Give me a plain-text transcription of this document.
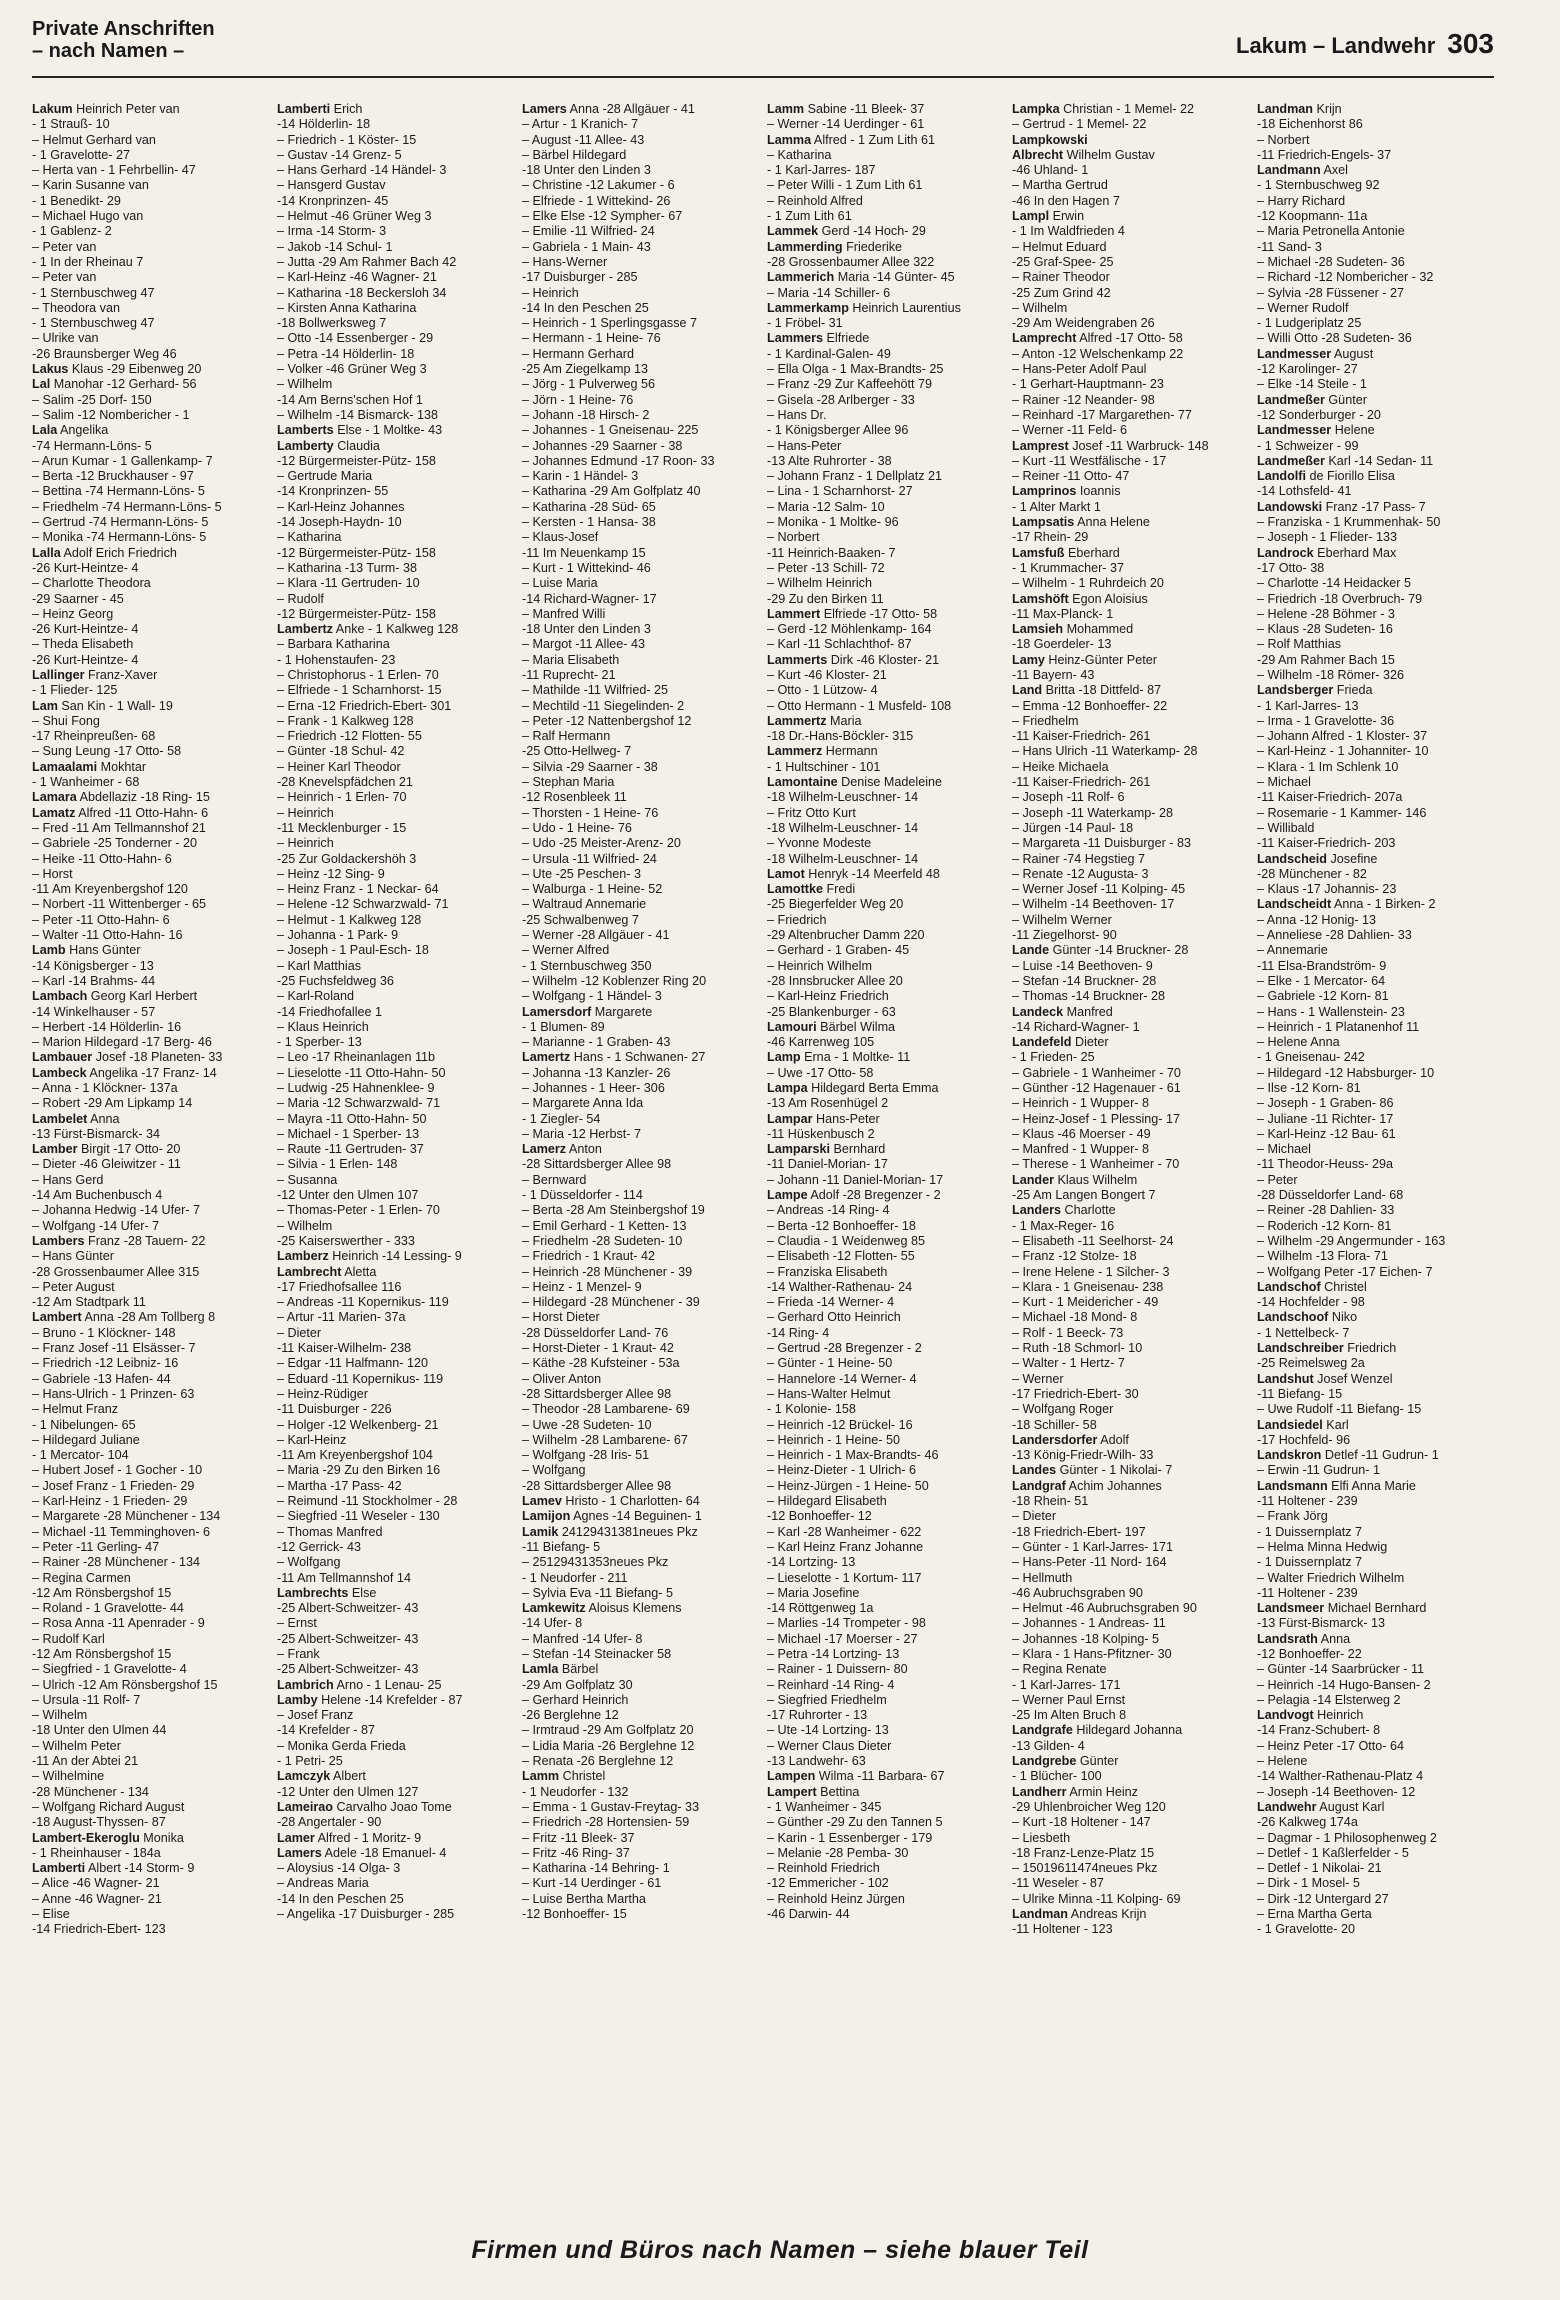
Private Anschriften
– nach Namen –	Lakum – Landwehr 303
Lakum Heinrich Peter van
- 1 Strauß- 10
– Helmut Gerhard van
- 1 Gravelotte- 27
– Herta van - 1 Fehrbellin- 47
– Karin Susanne van
- 1 Benedikt- 29
– Michael Hugo van
- 1 Gablenz- 2
– Peter van
- 1 In der Rheinau 7
– Peter van
- 1 Sternbuschweg 47
– Theodora van
- 1 Sternbuschweg 47
– Ulrike van
-26 Braunsberger Weg 46
Lakus Klaus -29 Eibenweg 20
Lal Manohar -12 Gerhard- 56
– Salim -25 Dorf- 150
– Salim -12 Nombericher - 1
Lala Angelika
-74 Hermann-Löns- 5
– Arun Kumar - 1 Gallenkamp- 7
– Berta -12 Bruckhauser - 97
– Bettina -74 Hermann-Löns- 5
– Friedhelm -74 Hermann-Löns- 5
– Gertrud -74 Hermann-Löns- 5
– Monika -74 Hermann-Löns- 5
Lalla Adolf Erich Friedrich
-26 Kurt-Heintze- 4
– Charlotte Theodora
-29 Saarner - 45
– Heinz Georg
-26 Kurt-Heintze- 4
– Theda Elisabeth
-26 Kurt-Heintze- 4
Lallinger Franz-Xaver
- 1 Flieder- 125
Lam San Kin - 1 Wall- 19
– Shui Fong
-17 Rheinpreußen- 68
– Sung Leung -17 Otto- 58
Lamaalami Mokhtar
- 1 Wanheimer - 68
Lamara Abdellaziz -18 Ring- 15
Lamatz Alfred -11 Otto-Hahn- 6
– Fred -11 Am Tellmannshof 21
– Gabriele -25 Tonderner - 20
– Heike -11 Otto-Hahn- 6
– Horst
-11 Am Kreyenbergshof 120
– Norbert -11 Wittenberger - 65
– Peter -11 Otto-Hahn- 6
– Walter -11 Otto-Hahn- 16
Lamb Hans Günter
-14 Königsberger - 13
– Karl -14 Brahms- 44
Lambach Georg Karl Herbert
-14 Winkelhauser - 57
– Herbert -14 Hölderlin- 16
– Marion Hildegard -17 Berg- 46
Lambauer Josef -18 Planeten- 33
Lambeck Angelika -17 Franz- 14
– Anna - 1 Klöckner- 137a
– Robert -29 Am Lipkamp 14
Lambelet Anna
-13 Fürst-Bismarck- 34
Lamber Birgit -17 Otto- 20
– Dieter -46 Gleiwitzer - 11
– Hans Gerd
-14 Am Buchenbusch 4
– Johanna Hedwig -14 Ufer- 7
– Wolfgang -14 Ufer- 7
Lambers Franz -28 Tauern- 22
– Hans Günter
-28 Grossenbaumer Allee 315
– Peter August
-12 Am Stadtpark 11
Lambert Anna -28 Am Tollberg 8
– Bruno - 1 Klöckner- 148
– Franz Josef -11 Elsässer- 7
– Friedrich -12 Leibniz- 16
– Gabriele -13 Hafen- 44
– Hans-Ulrich - 1 Prinzen- 63
– Helmut Franz
- 1 Nibelungen- 65
– Hildegard Juliane
- 1 Mercator- 104
– Hubert Josef - 1 Gocher - 10
– Josef Franz - 1 Frieden- 29
– Karl-Heinz - 1 Frieden- 29
– Margarete -28 Münchener - 134
– Michael -11 Temminghoven- 6
– Peter -11 Gerling- 47
– Rainer -28 Münchener - 134
– Regina Carmen
-12 Am Rönsbergshof 15
– Roland - 1 Gravelotte- 44
– Rosa Anna -11 Apenrader - 9
– Rudolf Karl
-12 Am Rönsbergshof 15
– Siegfried - 1 Gravelotte- 4
– Ulrich -12 Am Rönsbergshof 15
– Ursula -11 Rolf- 7
– Wilhelm
-18 Unter den Ulmen 44
– Wilhelm Peter
-11 An der Abtei 21
– Wilhelmine
-28 Münchener - 134
– Wolfgang Richard August
-18 August-Thyssen- 87
Lambert-Ekeroglu Monika
- 1 Rheinhauser - 184a
Lamberti Albert -14 Storm- 9
– Alice -46 Wagner- 21
– Anne -46 Wagner- 21
– Elise
-14 Friedrich-Ebert- 123
Lamberti Erich
-14 Hölderlin- 18
– Friedrich - 1 Köster- 15
– Gustav -14 Grenz- 5
– Hans Gerhard -14 Händel- 3
– Hansgerd Gustav
-14 Kronprinzen- 45
– Helmut -46 Grüner Weg 3
– Irma -14 Storm- 3
– Jakob -14 Schul- 1
– Jutta -29 Am Rahmer Bach 42
– Karl-Heinz -46 Wagner- 21
– Katharina -18 Beckersloh 34
– Kirsten Anna Katharina
-18 Bollwerksweg 7
– Otto -14 Essenberger - 29
– Petra -14 Hölderlin- 18
– Volker -46 Grüner Weg 3
– Wilhelm
-14 Am Berns'schen Hof 1
– Wilhelm -14 Bismarck- 138
Lamberts Else - 1 Moltke- 43
Lamberty Claudia
-12 Bürgermeister-Pütz- 158
– Gertrude Maria
-14 Kronprinzen- 55
– Karl-Heinz Johannes
-14 Joseph-Haydn- 10
– Katharina
-12 Bürgermeister-Pütz- 158
– Katharina -13 Turm- 38
– Klara -11 Gertruden- 10
– Rudolf
-12 Bürgermeister-Pütz- 158
Lambertz Anke - 1 Kalkweg 128
– Barbara Katharina
- 1 Hohenstaufen- 23
– Christophorus - 1 Erlen- 70
– Elfriede - 1 Scharnhorst- 15
– Erna -12 Friedrich-Ebert- 301
– Frank - 1 Kalkweg 128
– Friedrich -12 Flotten- 55
– Günter -18 Schul- 42
– Heiner Karl Theodor
-28 Knevelspfädchen 21
– Heinrich - 1 Erlen- 70
– Heinrich
-11 Mecklenburger - 15
– Heinrich
-25 Zur Goldackershöh 3
– Heinz -12 Sing- 9
– Heinz Franz - 1 Neckar- 64
– Helene -12 Schwarzwald- 71
– Helmut - 1 Kalkweg 128
– Johanna - 1 Park- 9
– Joseph - 1 Paul-Esch- 18
– Karl Matthias
-25 Fuchsfeldweg 36
– Karl-Roland
-14 Friedhofallee 1
– Klaus Heinrich
- 1 Sperber- 13
– Leo -17 Rheinanlagen 11b
– Lieselotte -11 Otto-Hahn- 50
– Ludwig -25 Hahnenklee- 9
– Maria -12 Schwarzwald- 71
– Mayra -11 Otto-Hahn- 50
– Michael - 1 Sperber- 13
– Raute -11 Gertruden- 37
– Silvia - 1 Erlen- 148
– Susanna
-12 Unter den Ulmen 107
– Thomas-Peter - 1 Erlen- 70
– Wilhelm
-25 Kaiserswerther - 333
Lamberz Heinrich -14 Lessing- 9
Lambrecht Aletta
-17 Friedhofsallee 116
– Andreas -11 Kopernikus- 119
– Artur -11 Marien- 37a
– Dieter
-11 Kaiser-Wilhelm- 238
– Edgar -11 Halfmann- 120
– Eduard -11 Kopernikus- 119
– Heinz-Rüdiger
-11 Duisburger - 226
– Holger -12 Welkenberg- 21
– Karl-Heinz
-11 Am Kreyenbergshof 104
– Maria -29 Zu den Birken 16
– Martha -17 Pass- 42
– Reimund -11 Stockholmer - 28
– Siegfried -11 Weseler - 130
– Thomas Manfred
-12 Gerrick- 43
– Wolfgang
-11 Am Tellmannshof 14
Lambrechts Else
-25 Albert-Schweitzer- 43
– Ernst
-25 Albert-Schweitzer- 43
– Frank
-25 Albert-Schweitzer- 43
Lambrich Arno - 1 Lenau- 25
Lamby Helene -14 Krefelder - 87
– Josef Franz
-14 Krefelder - 87
– Monika Gerda Frieda
- 1 Petri- 25
Lamczyk Albert
-12 Unter den Ulmen 127
Lameirao Carvalho Joao Tome
-28 Angertaler - 90
Lamer Alfred - 1 Moritz- 9
Lamers Adele -18 Emanuel- 4
– Aloysius -14 Olga- 3
– Andreas Maria
-14 In den Peschen 25
– Angelika -17 Duisburger - 285
Lamers Anna -28 Allgäuer - 41
– Artur - 1 Kranich- 7
– August -11 Allee- 43
– Bärbel Hildegard
-18 Unter den Linden 3
– Christine -12 Lakumer - 6
– Elfriede - 1 Wittekind- 26
– Elke Else -12 Sympher- 67
– Emilie -11 Wilfried- 24
– Gabriela - 1 Main- 43
– Hans-Werner
-17 Duisburger - 285
– Heinrich
-14 In den Peschen 25
– Heinrich - 1 Sperlingsgasse 7
– Hermann - 1 Heine- 76
– Hermann Gerhard
-25 Am Ziegelkamp 13
– Jörg - 1 Pulverweg 56
– Jörn - 1 Heine- 76
– Johann -18 Hirsch- 2
– Johannes - 1 Gneisenau- 225
– Johannes -29 Saarner - 38
– Johannes Edmund -17 Roon- 33
– Karin - 1 Händel- 3
– Katharina -29 Am Golfplatz 40
– Katharina -28 Süd- 65
– Kersten - 1 Hansa- 38
– Klaus-Josef
-11 Im Neuenkamp 15
– Kurt - 1 Wittekind- 46
– Luise Maria
-14 Richard-Wagner- 17
– Manfred Willi
-18 Unter den Linden 3
– Margot -11 Allee- 43
– Maria Elisabeth
-11 Ruprecht- 21
– Mathilde -11 Wilfried- 25
– Mechtild -11 Siegelinden- 2
– Peter -12 Nattenbergshof 12
– Ralf Hermann
-25 Otto-Hellweg- 7
– Silvia -29 Saarner - 38
– Stephan Maria
-12 Rosenbleek 11
– Thorsten - 1 Heine- 76
– Udo - 1 Heine- 76
– Udo -25 Meister-Arenz- 20
– Ursula -11 Wilfried- 24
– Ute -25 Peschen- 3
– Walburga - 1 Heine- 52
– Waltraud Annemarie
-25 Schwalbenweg 7
– Werner -28 Allgäuer - 41
– Werner Alfred
- 1 Sternbuschweg 350
– Wilhelm -12 Koblenzer Ring 20
– Wolfgang - 1 Händel- 3
Lamersdorf Margarete
- 1 Blumen- 89
– Marianne - 1 Graben- 43
Lamertz Hans - 1 Schwanen- 27
– Johanna -13 Kanzler- 26
– Johannes - 1 Heer- 306
– Margarete Anna Ida
- 1 Ziegler- 54
– Maria -12 Herbst- 7
Lamerz Anton
-28 Sittardsberger Allee 98
– Bernward
- 1 Düsseldorfer - 114
– Berta -28 Am Steinbergshof 19
– Emil Gerhard - 1 Ketten- 13
– Friedhelm -28 Sudeten- 10
– Friedrich - 1 Kraut- 42
– Heinrich -28 Münchener - 39
– Heinz - 1 Menzel- 9
– Hildegard -28 Münchener - 39
– Horst Dieter
-28 Düsseldorfer Land- 76
– Horst-Dieter - 1 Kraut- 42
– Käthe -28 Kufsteiner - 53a
– Oliver Anton
-28 Sittardsberger Allee 98
– Theodor -28 Lambarene- 69
– Uwe -28 Sudeten- 10
– Wilhelm -28 Lambarene- 67
– Wolfgang -28 Iris- 51
– Wolfgang
-28 Sittardsberger Allee 98
Lamev Hristo - 1 Charlotten- 64
Lamijon Agnes -14 Beguinen- 1
Lamik 24129431381neues Pkz
-11 Biefang- 5
– 25129431353neues Pkz
- 1 Neudorfer - 211
– Sylvia Eva -11 Biefang- 5
Lamkewitz Aloisus Klemens
-14 Ufer- 8
– Manfred -14 Ufer- 8
– Stefan -14 Steinacker 58
Lamla Bärbel
-29 Am Golfplatz 30
– Gerhard Heinrich
-26 Berglehne 12
– Irmtraud -29 Am Golfplatz 20
– Lidia Maria -26 Berglehne 12
– Renata -26 Berglehne 12
Lamm Christel
- 1 Neudorfer - 132
– Emma - 1 Gustav-Freytag- 33
– Friedrich -28 Hortensien- 59
– Fritz -11 Bleek- 37
– Fritz -46 Ring- 37
– Katharina -14 Behring- 1
– Kurt -14 Uerdinger - 61
– Luise Bertha Martha
-12 Bonhoeffer- 15
Lamm Sabine -11 Bleek- 37
– Werner -14 Uerdinger - 61
Lamma Alfred - 1 Zum Lith 61
– Katharina
- 1 Karl-Jarres- 187
– Peter Willi - 1 Zum Lith 61
– Reinhold Alfred
- 1 Zum Lith 61
Lammek Gerd -14 Hoch- 29
Lammerding Friederike
-28 Grossenbaumer Allee 322
Lammerich Maria -14 Günter- 45
– Maria -14 Schiller- 6
Lammerkamp Heinrich Laurentius
- 1 Fröbel- 31
Lammers Elfriede
- 1 Kardinal-Galen- 49
– Ella Olga - 1 Max-Brandts- 25
– Franz -29 Zur Kaffeehött 79
– Gisela -28 Arlberger - 33
– Hans Dr.
- 1 Königsberger Allee 96
– Hans-Peter
-13 Alte Ruhrorter - 38
– Johann Franz - 1 Dellplatz 21
– Lina - 1 Scharnhorst- 27
– Maria -12 Salm- 10
– Monika - 1 Moltke- 96
– Norbert
-11 Heinrich-Baaken- 7
– Peter -13 Schill- 72
– Wilhelm Heinrich
-29 Zu den Birken 11
Lammert Elfriede -17 Otto- 58
– Gerd -12 Möhlenkamp- 164
– Karl -11 Schlachthof- 87
Lammerts Dirk -46 Kloster- 21
– Kurt -46 Kloster- 21
– Otto - 1 Lützow- 4
– Otto Hermann - 1 Musfeld- 108
Lammertz Maria
-18 Dr.-Hans-Böckler- 315
Lammerz Hermann
- 1 Hultschiner - 101
Lamontaine Denise Madeleine
-18 Wilhelm-Leuschner- 14
– Fritz Otto Kurt
-18 Wilhelm-Leuschner- 14
– Yvonne Modeste
-18 Wilhelm-Leuschner- 14
Lamot Henryk -14 Meerfeld 48
Lamottke Fredi
-25 Biegerfelder Weg 20
– Friedrich
-29 Altenbrucher Damm 220
– Gerhard - 1 Graben- 45
– Heinrich Wilhelm
-28 Innsbrucker Allee 20
– Karl-Heinz Friedrich
-25 Blankenburger - 63
Lamouri Bärbel Wilma
-46 Karrenweg 105
Lamp Erna - 1 Moltke- 11
– Uwe -17 Otto- 58
Lampa Hildegard Berta Emma
-13 Am Rosenhügel 2
Lampar Hans-Peter
-11 Hüskenbusch 2
Lamparski Bernhard
-11 Daniel-Morian- 17
– Johann -11 Daniel-Morian- 17
Lampe Adolf -28 Bregenzer - 2
– Andreas -14 Ring- 4
– Berta -12 Bonhoeffer- 18
– Claudia - 1 Weidenweg 85
– Elisabeth -12 Flotten- 55
– Franziska Elisabeth
-14 Walther-Rathenau- 24
– Frieda -14 Werner- 4
– Gerhard Otto Heinrich
-14 Ring- 4
– Gertrud -28 Bregenzer - 2
– Günter - 1 Heine- 50
– Hannelore -14 Werner- 4
– Hans-Walter Helmut
- 1 Kolonie- 158
– Heinrich -12 Brückel- 16
– Heinrich - 1 Heine- 50
– Heinrich - 1 Max-Brandts- 46
– Heinz-Dieter - 1 Ulrich- 6
– Heinz-Jürgen - 1 Heine- 50
– Hildegard Elisabeth
-12 Bonhoeffer- 12
– Karl -28 Wanheimer - 622
– Karl Heinz Franz Johanne
-14 Lortzing- 13
– Lieselotte - 1 Kortum- 117
– Maria Josefine
-14 Röttgenweg 1a
– Marlies -14 Trompeter - 98
– Michael -17 Moerser - 27
– Petra -14 Lortzing- 13
– Rainer - 1 Duissern- 80
– Reinhard -14 Ring- 4
– Siegfried Friedhelm
-17 Ruhrorter - 13
– Ute -14 Lortzing- 13
– Werner Claus Dieter
-13 Landwehr- 63
Lampen Wilma -11 Barbara- 67
Lampert Bettina
- 1 Wanheimer - 345
– Günther -29 Zu den Tannen 5
– Karin - 1 Essenberger - 179
– Melanie -28 Pemba- 30
– Reinhold Friedrich
-12 Emmericher - 102
– Reinhold Heinz Jürgen
-46 Darwin- 44
Lampka Christian - 1 Memel- 22
– Gertrud - 1 Memel- 22
Lampkowski
Albrecht Wilhelm Gustav
-46 Uhland- 1
– Martha Gertrud
-46 In den Hagen 7
Lampl Erwin
- 1 Im Waldfrieden 4
– Helmut Eduard
-25 Graf-Spee- 25
– Rainer Theodor
-25 Zum Grind 42
– Wilhelm
-29 Am Weidengraben 26
Lamprecht Alfred -17 Otto- 58
– Anton -12 Welschenkamp 22
– Hans-Peter Adolf Paul
- 1 Gerhart-Hauptmann- 23
– Rainer -12 Neander- 98
– Reinhard -17 Margarethen- 77
– Werner -11 Feld- 6
Lamprest Josef -11 Warbruck- 148
– Kurt -11 Westfälische - 17
– Reiner -11 Otto- 47
Lamprinos Ioannis
- 1 Alter Markt 1
Lampsatis Anna Helene
-17 Rhein- 29
Lamsfuß Eberhard
- 1 Krummacher- 37
– Wilhelm - 1 Ruhrdeich 20
Lamshöft Egon Aloisius
-11 Max-Planck- 1
Lamsieh Mohammed
-18 Goerdeler- 13
Lamy Heinz-Günter Peter
-11 Bayern- 43
Land Britta -18 Dittfeld- 87
– Emma -12 Bonhoeffer- 22
– Friedhelm
-11 Kaiser-Friedrich- 261
– Hans Ulrich -11 Waterkamp- 28
– Heike Michaela
-11 Kaiser-Friedrich- 261
– Joseph -11 Rolf- 6
– Joseph -11 Waterkamp- 28
– Jürgen -14 Paul- 18
– Margareta -11 Duisburger - 83
– Rainer -74 Hegstieg 7
– Renate -12 Augusta- 3
– Werner Josef -11 Kolping- 45
– Wilhelm -14 Beethoven- 17
– Wilhelm Werner
-11 Ziegelhorst- 90
Lande Günter -14 Bruckner- 28
– Luise -14 Beethoven- 9
– Stefan -14 Bruckner- 28
– Thomas -14 Bruckner- 28
Landeck Manfred
-14 Richard-Wagner- 1
Landefeld Dieter
- 1 Frieden- 25
– Gabriele - 1 Wanheimer - 70
– Günther -12 Hagenauer - 61
– Heinrich - 1 Wupper- 8
– Heinz-Josef - 1 Plessing- 17
– Klaus -46 Moerser - 49
– Manfred - 1 Wupper- 8
– Therese - 1 Wanheimer - 70
Lander Klaus Wilhelm
-25 Am Langen Bongert 7
Landers Charlotte
- 1 Max-Reger- 16
– Elisabeth -11 Seelhorst- 24
– Franz -12 Stolze- 18
– Irene Helene - 1 Silcher- 3
– Klara - 1 Gneisenau- 238
– Kurt - 1 Meidericher - 49
– Michael -18 Mond- 8
– Rolf - 1 Beeck- 73
– Ruth -18 Schmorl- 10
– Walter - 1 Hertz- 7
– Werner
-17 Friedrich-Ebert- 30
– Wolfgang Roger
-18 Schiller- 58
Landersdorfer Adolf
-13 König-Friedr-Wilh- 33
Landes Günter - 1 Nikolai- 7
Landgraf Achim Johannes
-18 Rhein- 51
– Dieter
-18 Friedrich-Ebert- 197
– Günter - 1 Karl-Jarres- 171
– Hans-Peter -11 Nord- 164
– Hellmuth
-46 Aubruchsgraben 90
– Helmut -46 Aubruchsgraben 90
– Johannes - 1 Andreas- 11
– Johannes -18 Kolping- 5
– Klara - 1 Hans-Pfitzner- 30
– Regina Renate
- 1 Karl-Jarres- 171
– Werner Paul Ernst
-25 Im Alten Bruch 8
Landgrafe Hildegard Johanna
-13 Gilden- 4
Landgrebe Günter
- 1 Blücher- 100
Landherr Armin Heinz
-29 Uhlenbroicher Weg 120
– Kurt -18 Holtener - 147
– Liesbeth
-18 Franz-Lenze-Platz 15
– 15019611474neues Pkz
-11 Weseler - 87
– Ulrike Minna -11 Kolping- 69
Landman Andreas Krijn
-11 Holtener - 123
Landman Krijn
-18 Eichenhorst 86
– Norbert
-11 Friedrich-Engels- 37
Landmann Axel
- 1 Sternbuschweg 92
– Harry Richard
-12 Koopmann- 11a
– Maria Petronella Antonie
-11 Sand- 3
– Michael -28 Sudeten- 36
– Richard -12 Nombericher - 32
– Sylvia -28 Füssener - 27
– Werner Rudolf
- 1 Ludgeriplatz 25
– Willi Otto -28 Sudeten- 36
Landmesser August
-12 Karolinger- 27
– Elke -14 Steile - 1
Landmeßer Günter
-12 Sonderburger - 20
Landmesser Helene
- 1 Schweizer - 99
Landmeßer Karl -14 Sedan- 11
Landolfi de Fiorillo Elisa
-14 Lothsfeld- 41
Landowski Franz -17 Pass- 7
– Franziska - 1 Krummenhak- 50
– Joseph - 1 Flieder- 133
Landrock Eberhard Max
-17 Otto- 38
– Charlotte -14 Heidacker 5
– Friedrich -18 Overbruch- 79
– Helene -28 Böhmer - 3
– Klaus -28 Sudeten- 16
– Rolf Matthias
-29 Am Rahmer Bach 15
– Wilhelm -18 Römer- 326
Landsberger Frieda
- 1 Karl-Jarres- 13
– Irma - 1 Gravelotte- 36
– Johann Alfred - 1 Kloster- 37
– Karl-Heinz - 1 Johanniter- 10
– Klara - 1 Im Schlenk 10
– Michael
-11 Kaiser-Friedrich- 207a
– Rosemarie - 1 Kammer- 146
– Willibald
-11 Kaiser-Friedrich- 203
Landscheid Josefine
-28 Münchener - 82
– Klaus -17 Johannis- 23
Landscheidt Anna - 1 Birken- 2
– Anna -12 Honig- 13
– Anneliese -28 Dahlien- 33
– Annemarie
-11 Elsa-Brandström- 9
– Elke - 1 Mercator- 64
– Gabriele -12 Korn- 81
– Hans - 1 Wallenstein- 23
– Heinrich - 1 Platanenhof 11
– Helene Anna
- 1 Gneisenau- 242
– Hildegard -12 Habsburger- 10
– Ilse -12 Korn- 81
– Joseph - 1 Graben- 86
– Juliane -11 Richter- 17
– Karl-Heinz -12 Bau- 61
– Michael
-11 Theodor-Heuss- 29a
– Peter
-28 Düsseldorfer Land- 68
– Reiner -28 Dahlien- 33
– Roderich -12 Korn- 81
– Wilhelm -29 Angermunder - 163
– Wilhelm -13 Flora- 71
– Wolfgang Peter -17 Eichen- 7
Landschof Christel
-14 Hochfelder - 98
Landschoof Niko
- 1 Nettelbeck- 7
Landschreiber Friedrich
-25 Reimelsweg 2a
Landshut Josef Wenzel
-11 Biefang- 15
– Uwe Rudolf -11 Biefang- 15
Landsiedel Karl
-17 Hochfeld- 96
Landskron Detlef -11 Gudrun- 1
– Erwin -11 Gudrun- 1
Landsmann Elfi Anna Marie
-11 Holtener - 239
– Frank Jörg
- 1 Duissernplatz 7
– Helma Minna Hedwig
- 1 Duissernplatz 7
– Walter Friedrich Wilhelm
-11 Holtener - 239
Landsmeer Michael Bernhard
-13 Fürst-Bismarck- 13
Landsrath Anna
-12 Bonhoeffer- 22
– Günter -14 Saarbrücker - 11
– Heinrich -14 Hugo-Bansen- 2
– Pelagia -14 Elsterweg 2
Landvogt Heinrich
-14 Franz-Schubert- 8
– Heinz Peter -17 Otto- 64
– Helene
-14 Walther-Rathenau-Platz 4
– Joseph -14 Beethoven- 12
Landwehr August Karl
-26 Kalkweg 174a
– Dagmar - 1 Philosophenweg 2
– Detlef - 1 Kaßlerfelder - 5
– Detlef - 1 Nikolai- 21
– Dirk - 1 Mosel- 5
– Dirk -12 Untergard 27
– Erna Martha Gerta
- 1 Gravelotte- 20
Firmen und Büros nach Namen – siehe blauer Teil
